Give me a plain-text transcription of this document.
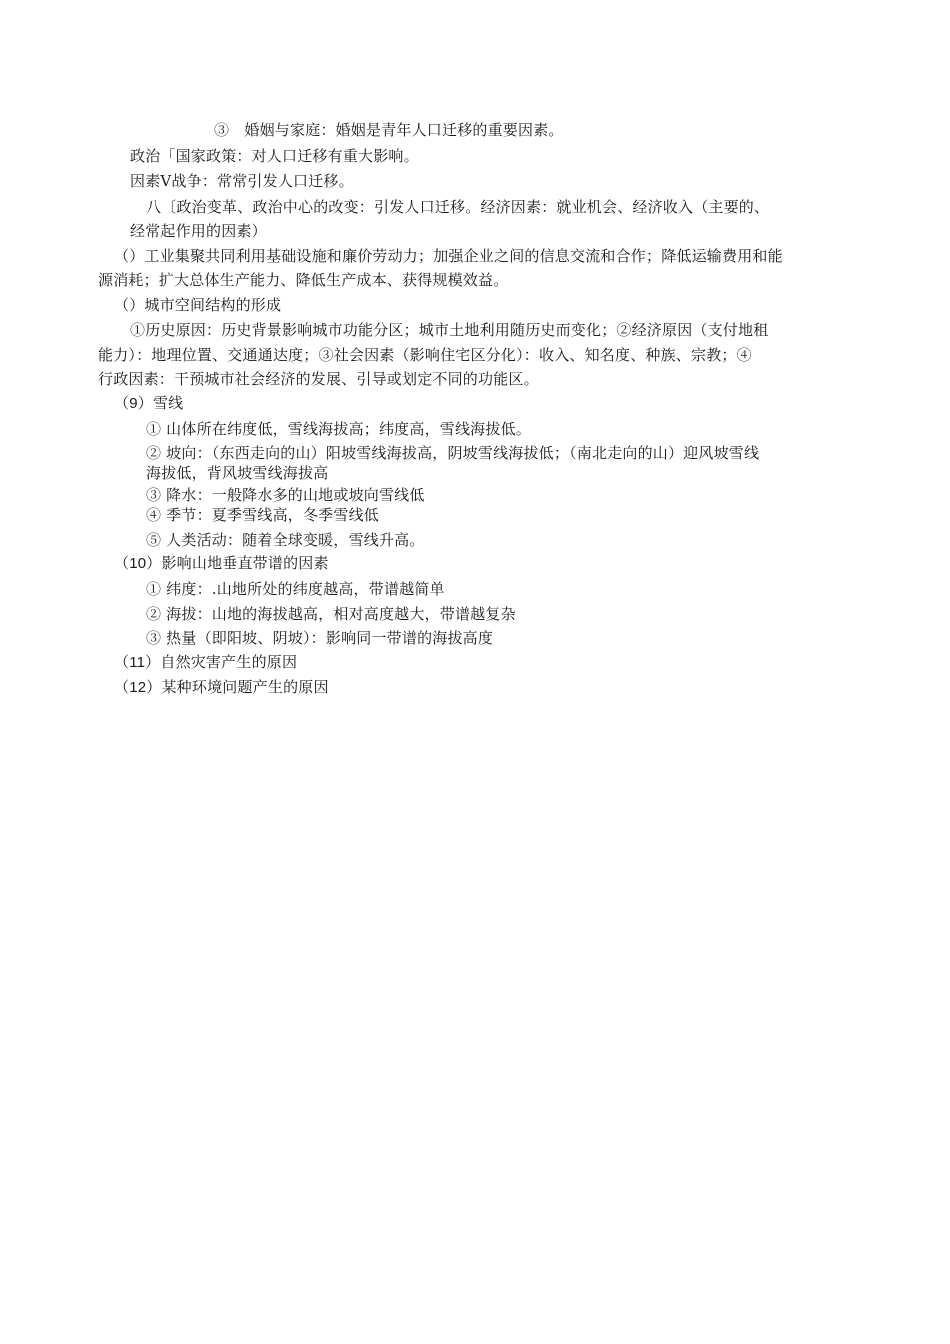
③　婚姻与家庭：婚姻是青年人口迁移的重要因素。
政治「国家政策：对人口迁移有重大影响。
因素Ⅴ战争：常常引发人口迁移。
八〔政治变革、政治中心的改变：引发人口迁移。经济因素：就业机会、经济收入（主要的、
经常起作用的因素）
（）工业集聚共同利用基础设施和廉价劳动力；加强企业之间的信息交流和合作；降低运输费用和能
源消耗；扩大总体生产能力、降低生产成本、获得规模效益。
（）城市空间结构的形成
①历史原因：历史背景影响城市功能分区；城市土地利用随历史而变化；②经济原因（支付地租
能力）：地理位置、交通通达度；③社会因素（影响住宅区分化）：收入、知名度、种族、宗教；④
行政因素：干预城市社会经济的发展、引导或划定不同的功能区。
（9）雪线
① 山体所在纬度低，雪线海拔高；纬度高，雪线海拔低。
② 坡向：（东西走向的山）阳坡雪线海拔高，阴坡雪线海拔低；（南北走向的山）迎风坡雪线
海拔低，背风坡雪线海拔高
③ 降水：一般降水多的山地或坡向雪线低
④ 季节：夏季雪线高，冬季雪线低
⑤ 人类活动：随着全球变暖，雪线升高。
（10）影响山地垂直带谱的因素
① 纬度：.山地所处的纬度越高，带谱越简单
② 海拔：山地的海拔越高，相对高度越大，带谱越复杂
③ 热量（即阳坡、阴坡）：影响同一带谱的海拔高度
（11）自然灾害产生的原因
（12）某种环境问题产生的原因
